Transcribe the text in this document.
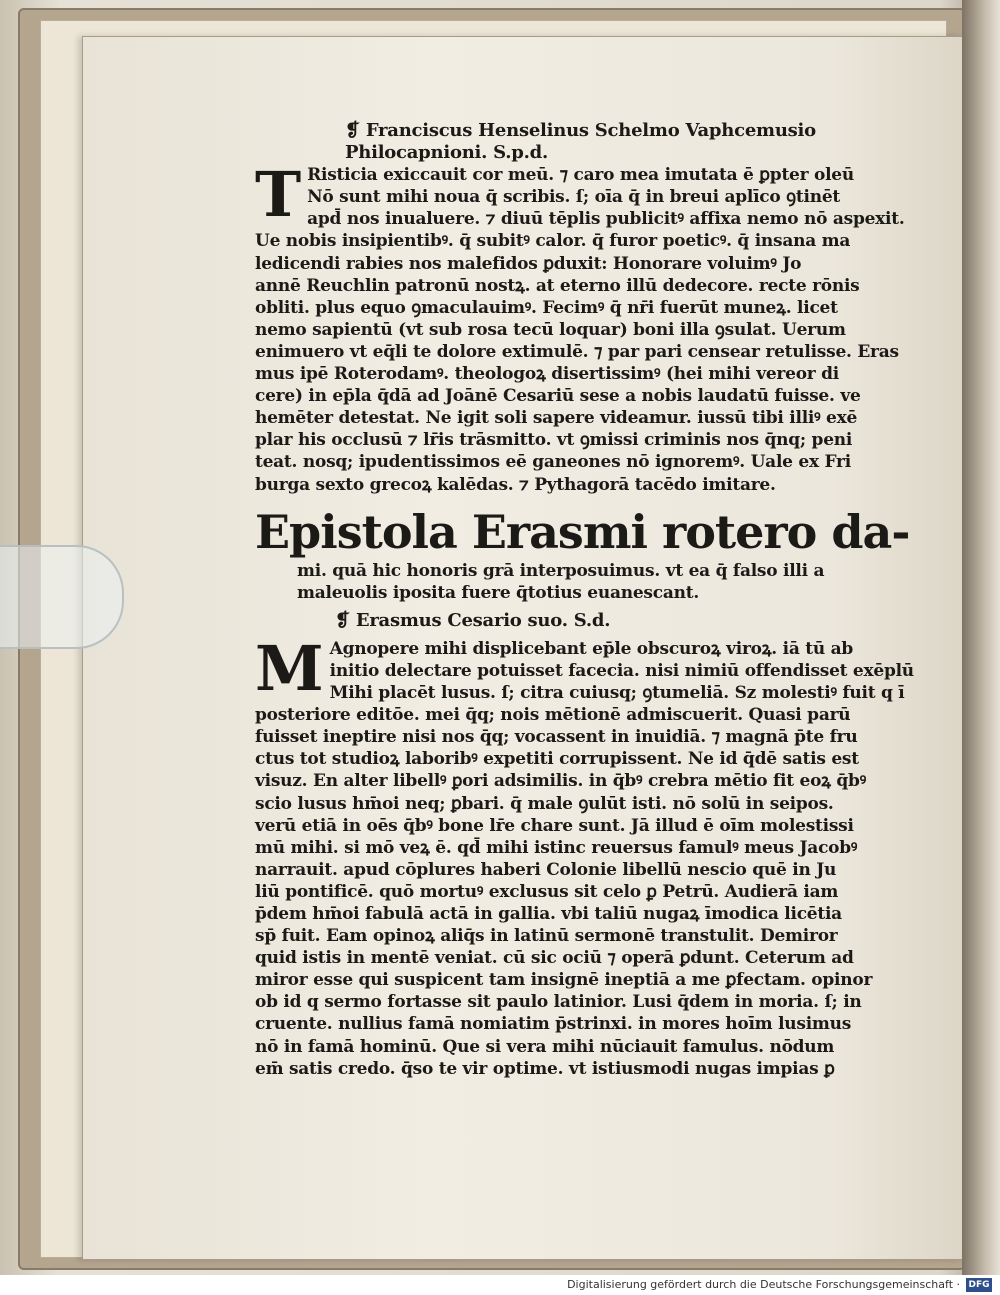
❡ Franciscus Henselinus Schelmo Vaphcemusio
Philocapnioni. S.p.d.
T Risticia exiccauit cor meū. ⁊ caro mea imutata ē ꝑpter oleū
Nō sunt mihi noua q̄ scribis. ſ; oīa q̄ in breui aplīco ꝯtinēt
apd̄ nos inualuere. ⁊ diuū tēplis publicitꝰ affixa nemo nō aspexit.
Ue nobis insipientibꝰ. q̄ subitꝰ calor. q̄ furor poeticꝰ. q̄ insana ma
ledicendi rabies nos malefidos ꝑduxit: Honorare voluimꝰ Jo
annē Reuchlin patronū nostꝝ. at eterno illū dedecore. recte rōnis
obliti. plus equo ꝯmaculauimꝰ. Fecimꝰ q̄ nr̄i fuerūt muneꝝ. licet
nemo sapientū (vt sub rosa tecū loquar) boni illa ꝯsulat. Uerum
enimuero vt eq̄li te dolore extimulē. ⁊ par pari censear retulisse. Eras
mus ipē Roterodamꝰ. theologoꝝ disertissimꝰ (hei mihi vereor di
cere) in ep̄la q̄dā ad Joānē Cesariū sese a nobis laudatū fuisse. ve
hemēter detestat. Ne igit soli sapere videamur. iussū tibi illiꝰ exē
plar his occlusū ⁊ lr̄is trāsmitto. vt ꝯmissi criminis nos q̄nq; peni
teat. nosq; ipudentissimos eē ganeones nō ignoremꝰ. Uale ex Fri
burga sexto grecoꝝ kalēdas. ⁊ Pythagorā tacēdo imitare.
Epistola Erasmi rotero da-
mi. quā hic honoris grā interposuimus. vt ea q̄ falso illi a
maleuolis iposita fuere q̄totius euanescant.
❡ Erasmus Cesario suo. S.d.
M Agnopere mihi displicebant ep̄le obscuroꝝ viroꝝ. iā tū ab
initio delectare potuisset facecia. nisi nimiū offendisset exēplū
Mihi placēt lusus. ſ; citra cuiusq; ꝯtumeliā. Sz molestiꝰ fuit q ī
posteriore editōe. mei q̄q; nois mētionē admiscuerit. Quasi parū
fuisset ineptire nisi nos q̄q; vocassent in inuidiā. ⁊ magnā p̄te fru
ctus tot studioꝝ laboribꝰ expetiti corrupissent. Ne id q̄dē satis est
visuz. En alter libellꝰ ꝑori adsimilis. in q̄bꝰ crebra mētio fit eoꝝ q̄bꝰ
scio lusus hm̄oi neq; ꝑbari. q̄ male ꝯulūt isti. nō solū in seipos.
verū etiā in oēs q̄bꝰ bone lr̄e chare sunt. Jā illud ē oīm molestissi
mū mihi. si mō veꝝ ē. qd̄ mihi istinc reuersus famulꝰ meus Jacobꝰ
narrauit. apud cōplures haberi Colonie libellū nescio quē in Ju
liū pontificē. quō mortuꝰ exclusus sit celo ꝑ Petrū. Audierā iam
p̄dem hm̄oi fabulā actā in gallia. vbi taliū nugaꝝ īmodica licētia
sp̄ fuit. Eam opinoꝝ aliq̄s in latinū sermonē transtulit. Demiror
quid istis in mentē veniat. cū sic ociū ⁊ operā ꝑdunt. Ceterum ad
miror esse qui suspicent tam insignē ineptiā a me ꝑfectam. opinor
ob id q sermo fortasse sit paulo latinior. Lusi q̄dem in moria. ſ; in
cruente. nullius famā nomiatim p̄strinxi. in mores hoīm lusimus
nō in famā hominū. Que si vera mihi nūciauit famulus. nōdum
em̄ satis credo. q̄so te vir optime. vt istiusmodi nugas impias ꝑ
Digitalisierung gefördert durch die Deutsche Forschungsgemeinschaft · DFG
